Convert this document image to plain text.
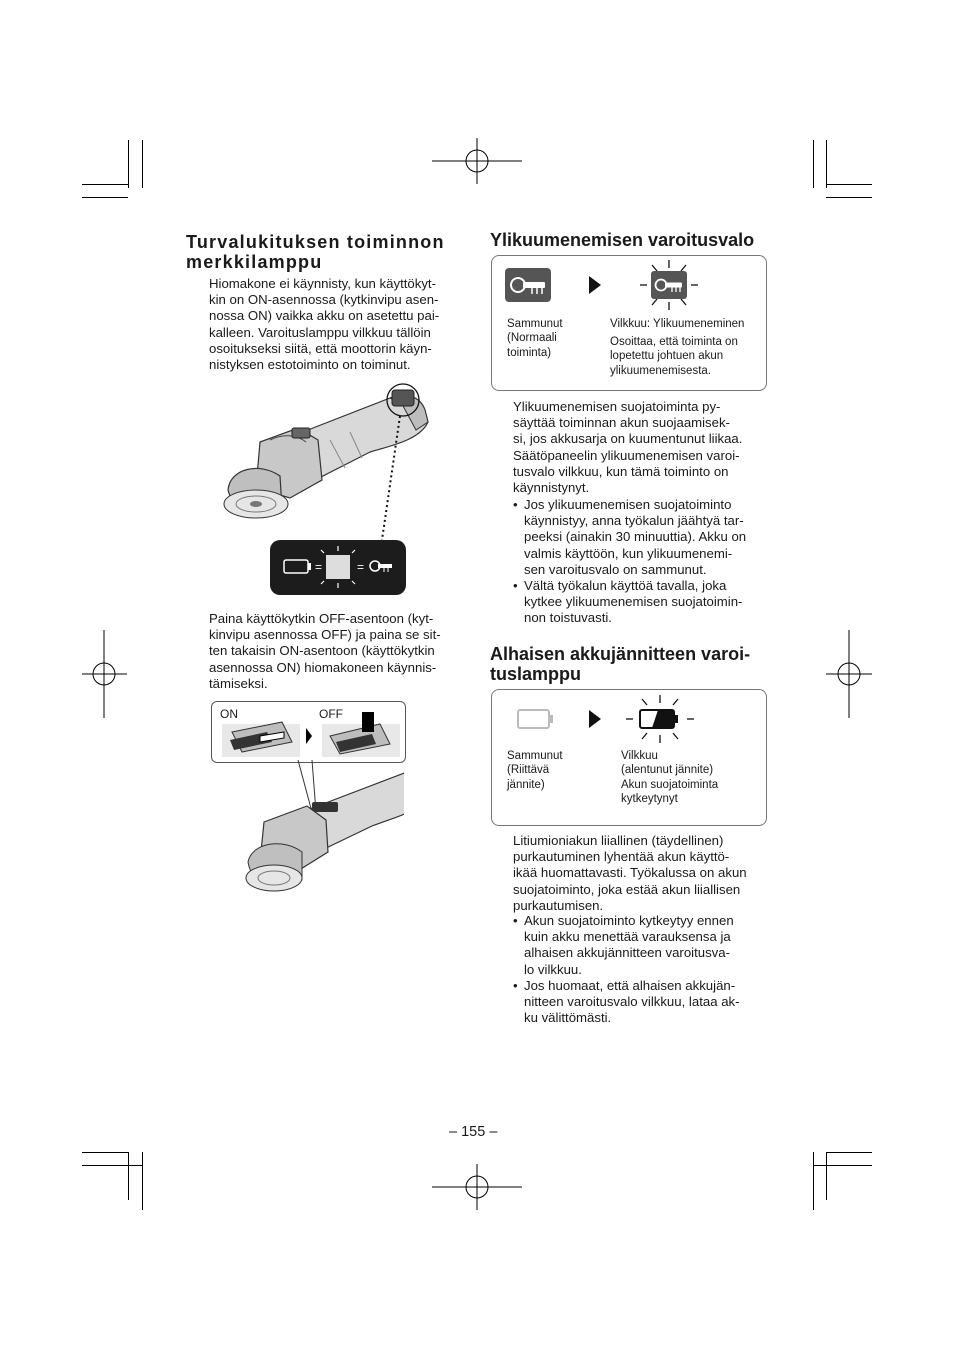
Turvalukituksen toiminnon
merkkilamppu
Hiomakone ei käynnisty, kun käyttökyt-
kin on ON-asennossa (kytkinvipu asen-
nossa ON) vaikka akku on asetettu pai-
kalleen. Varoituslamppu vilkkuu tällöin
osoitukseksi siitä, että moottorin käyn-
nistyksen estotoiminto on toiminut.
=	=
Paina käyttökytkin OFF-asentoon (kyt-
kinvipu asennossa OFF) ja paina se sit-
ten takaisin ON-asentoon (käyttökytkin
asennossa ON) hiomakoneen käynnis-
tämiseksi.
ON	OFF
Ylikuumenemisen varoitusvalo
Sammunut
(Normaali
toiminta)
Vilkkuu: Ylikuumeneminen
Osoittaa, että toiminta on
lopetettu johtuen akun
ylikuumenemisesta.
Ylikuumenemisen suojatoiminta py-
säyttää toiminnan akun suojaamisek-
si, jos akkusarja on kuumentunut liikaa.
Säätöpaneelin ylikuumenemisen varoi-
tusvalo vilkkuu, kun tämä toiminto on
käynnistynyt.
• Jos ylikuumenemisen suojatoiminto
käynnistyy, anna työkalun jäähtyä tar-
peeksi (ainakin 30 minuuttia). Akku on
valmis käyttöön, kun ylikuumenemi-
sen varoitusvalo on sammunut.
• Vältä työkalun käyttöä tavalla, joka
kytkee ylikuumenemisen suojatoimin-
non toistuvasti.
Alhaisen akkujännitteen varoi-
tuslamppu
Sammunut
(Riittävä
jännite)
Vilkkuu
(alentunut jännite)
Akun suojatoiminta
kytkeytynyt
Litiumioniakun liiallinen (täydellinen)
purkautuminen lyhentää akun käyttö-
ikää huomattavasti. Työkalussa on akun
suojatoiminto, joka estää akun liiallisen
purkautumisen.
• Akun suojatoiminto kytkeytyy ennen
kuin akku menettää varauksensa ja
alhaisen akkujännitteen varoitusva-
lo vilkkuu.
• Jos huomaat, että alhaisen akkujän-
nitteen varoitusvalo vilkkuu, lataa ak-
ku välittömästi.
– 155 –
